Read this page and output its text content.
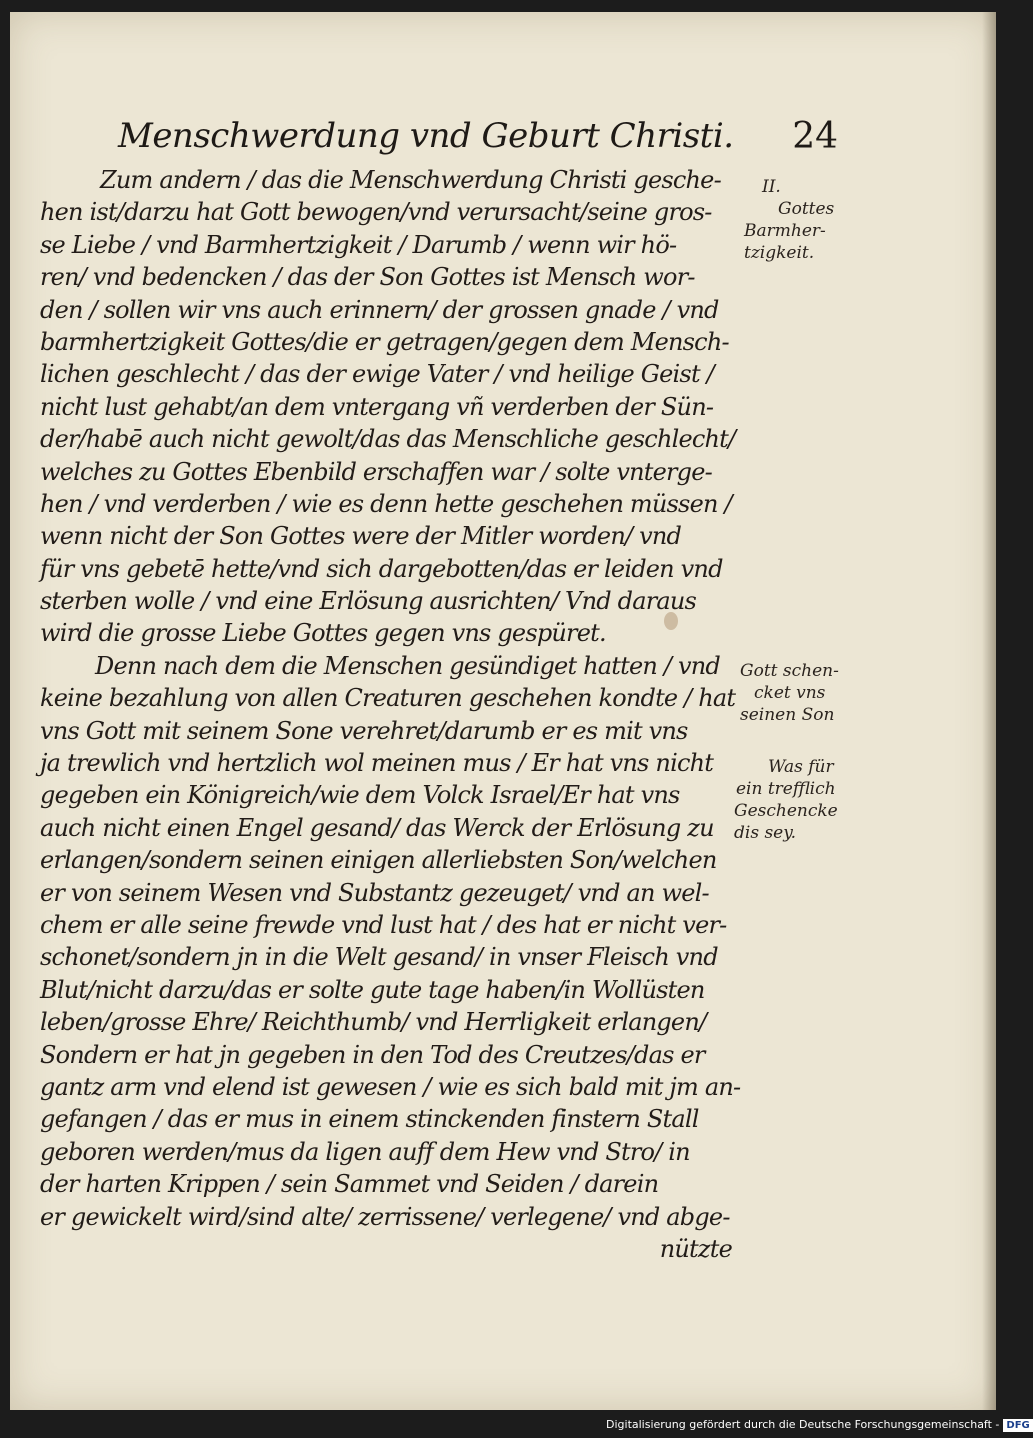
Menschwerdung vnd Geburt Christi. 24
Zum andern / das die Menschwerdung Christi gesche-
hen ist/darzu hat Gott bewogen/vnd verursacht/seine gros-
se Liebe / vnd Barmhertzigkeit / Darumb / wenn wir hö-
ren/ vnd bedencken / das der Son Gottes ist Mensch wor-
den / sollen wir vns auch erinnern/ der grossen gnade / vnd
barmhertzigkeit Gottes/die er getragen/gegen dem Mensch-
lichen geschlecht / das der ewige Vater / vnd heilige Geist /
nicht lust gehabt/an dem vntergang vñ verderben der Sün-
der/habē auch nicht gewolt/das das Menschliche geschlecht/
welches zu Gottes Ebenbild erschaffen war / solte vnterge-
hen / vnd verderben / wie es denn hette geschehen müssen /
wenn nicht der Son Gottes were der Mitler worden/ vnd
für vns gebetē hette/vnd sich dargebotten/das er leiden vnd
sterben wolle / vnd eine Erlösung ausrichten/ Vnd daraus
wird die grosse Liebe Gottes gegen vns gespüret.
Denn nach dem die Menschen gesündiget hatten / vnd
keine bezahlung von allen Creaturen geschehen kondte / hat
vns Gott mit seinem Sone verehret/darumb er es mit vns
ja trewlich vnd hertzlich wol meinen mus / Er hat vns nicht
gegeben ein Königreich/wie dem Volck Israel/Er hat vns
auch nicht einen Engel gesand/ das Werck der Erlösung zu
erlangen/sondern seinen einigen allerliebsten Son/welchen
er von seinem Wesen vnd Substantz gezeuget/ vnd an wel-
chem er alle seine frewde vnd lust hat / des hat er nicht ver-
schonet/sondern jn in die Welt gesand/ in vnser Fleisch vnd
Blut/nicht darzu/das er solte gute tage haben/in Wollüsten
leben/grosse Ehre/ Reichthumb/ vnd Herrligkeit erlangen/
Sondern er hat jn gegeben in den Tod des Creutzes/das er
gantz arm vnd elend ist gewesen / wie es sich bald mit jm an-
gefangen / das er mus in einem stinckenden finstern Stall
geboren werden/mus da ligen auff dem Hew vnd Stro/ in
der harten Krippen / sein Sammet vnd Seiden / darein
er gewickelt wird/sind alte/ zerrissene/ verlegene/ vnd abge-
nützte
II.
Gottes
Barmher-
tzigkeit.
Gott schen-
cket vns
seinen Son
Was für
ein trefflich
Geschencke
dis sey.
Digitalisierung gefördert durch die Deutsche Forschungsgemeinschaft - DFG
